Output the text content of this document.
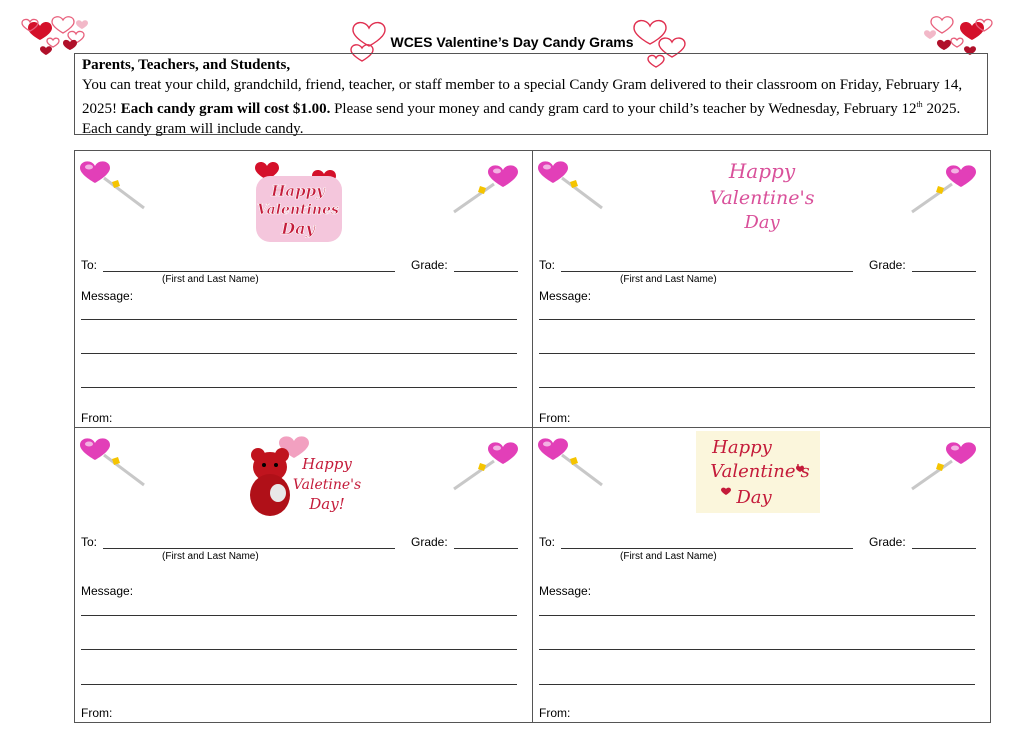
WCES Valentine’s Day Candy Grams
Parents, Teachers, and Students,
You can treat your child, grandchild, friend, teacher, or staff member to a special Candy Gram delivered to their classroom on Friday, February 14, 2025! Each candy gram will cost $1.00. Please send your money and candy gram card to your child’s teacher by Wednesday, February 12th 2025. Each candy gram will include candy.
Happy
Valentines
Day
To:	Grade:
(First and Last Name)
Message:
From:
Happy
Valentine's
Day
To:	Grade:
(First and Last Name)
Message:
From:
Happy
Valetine's
Day!
To:	Grade:
(First and Last Name)
Message:
From:
Happy
Valentine's
Day
To:	Grade:
(First and Last Name)
Message:
From:
